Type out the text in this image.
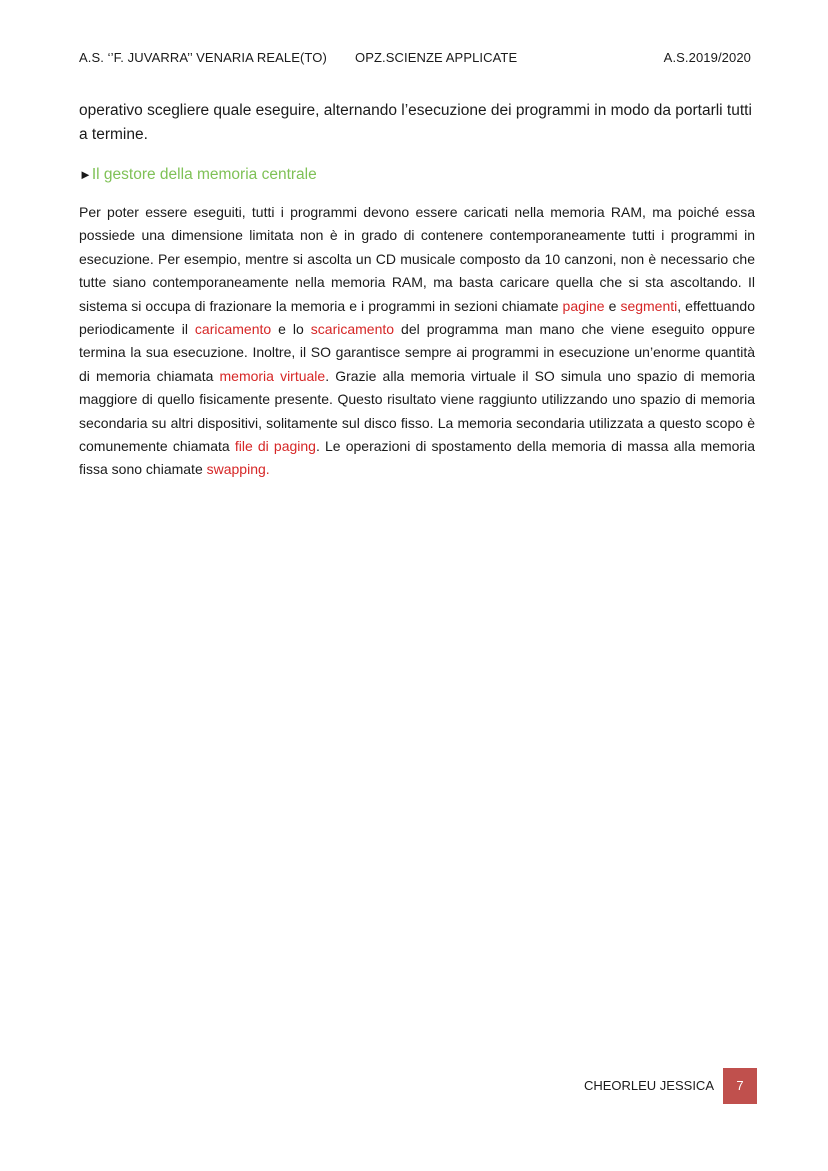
A.S. ‘’F. JUVARRA’’ VENARIA REALE(TO) OPZ.SCIENZE APPLICATE	A.S.2019/2020

operativo scegliere quale eseguire, alternando l’esecuzione dei programmi in modo da portarli tutti a termine.

►Il gestore della memoria centrale

Per poter essere eseguiti, tutti i programmi devono essere caricati nella memoria RAM, ma poiché essa possiede una dimensione limitata non è in grado di contenere contemporaneamente tutti i programmi in esecuzione. Per esempio, mentre si ascolta un CD musicale composto da 10 canzoni, non è necessario che tutte siano contemporaneamente nella memoria RAM, ma basta caricare quella che si sta ascoltando. Il sistema si occupa di frazionare la memoria e i programmi in sezioni chiamate pagine e segmenti, effettuando periodicamente il caricamento e lo scaricamento del programma man mano che viene eseguito oppure termina la sua esecuzione. Inoltre, il SO garantisce sempre ai programmi in esecuzione un’enorme quantità di memoria chiamata memoria virtuale. Grazie alla memoria virtuale il SO simula uno spazio di memoria maggiore di quello fisicamente presente. Questo risultato viene raggiunto utilizzando uno spazio di memoria secondaria su altri dispositivi, solitamente sul disco fisso. La memoria secondaria utilizzata a questo scopo è comunemente chiamata file di paging. Le operazioni di spostamento della memoria di massa alla memoria fissa sono chiamate swapping.

CHEORLEU JESSICA	7
